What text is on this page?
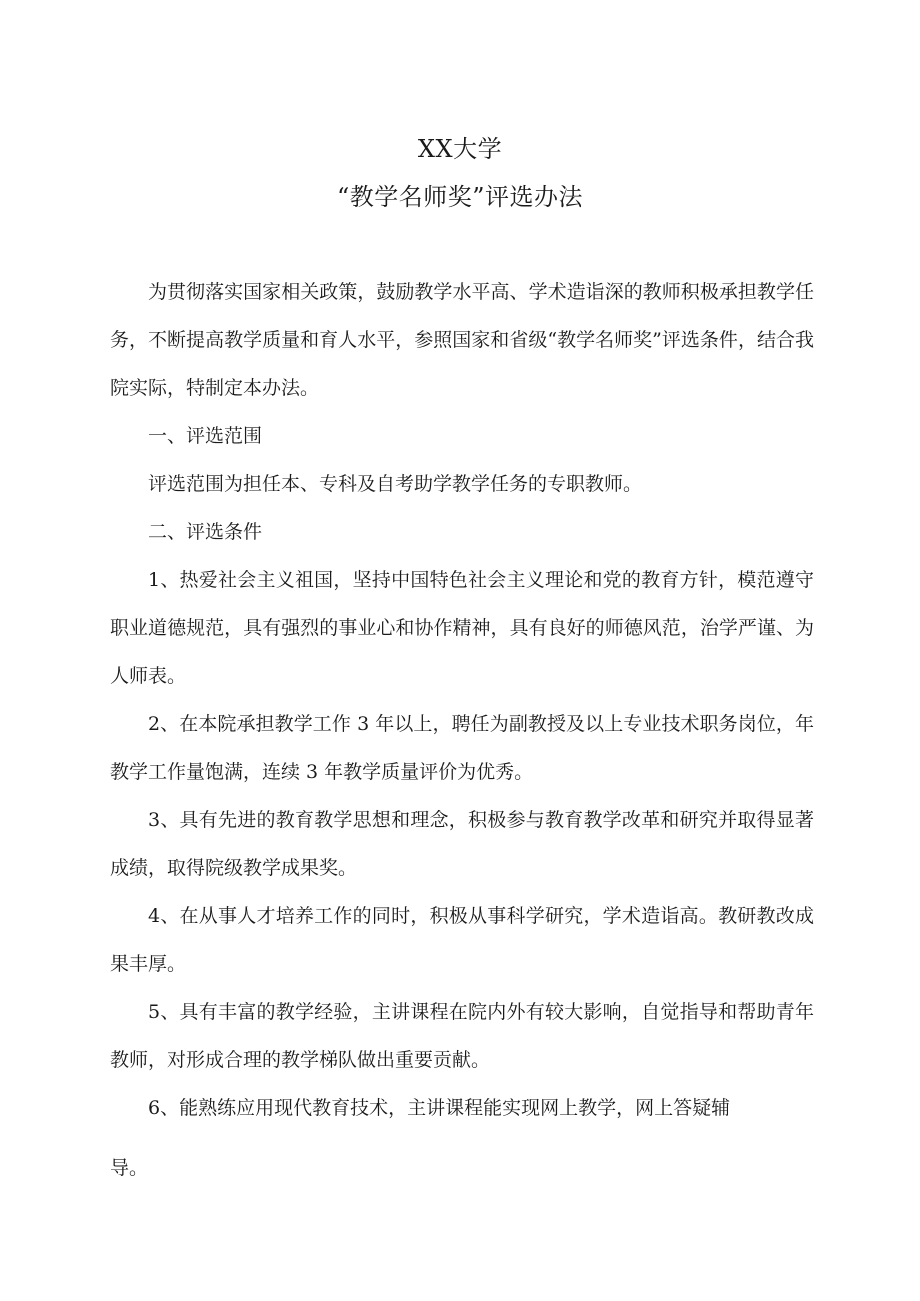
XX大学
“教学名师奖”评选办法

为贯彻落实国家相关政策，鼓励教学水平高、学术造诣深的教师积极承担教学任务，不断提高教学质量和育人水平，参照国家和省级“教学名师奖”评选条件，结合我院实际，特制定本办法。

一、评选范围

评选范围为担任本、专科及自考助学教学任务的专职教师。

二、评选条件

1、热爱社会主义祖国，坚持中国特色社会主义理论和党的教育方针，模范遵守职业道德规范，具有强烈的事业心和协作精神，具有良好的师德风范，治学严谨、为人师表。

2、在本院承担教学工作 3 年以上，聘任为副教授及以上专业技术职务岗位，年教学工作量饱满，连续 3 年教学质量评价为优秀。

3、具有先进的教育教学思想和理念，积极参与教育教学改革和研究并取得显著成绩，取得院级教学成果奖。

4、在从事人才培养工作的同时，积极从事科学研究，学术造诣高。教研教改成果丰厚。

5、具有丰富的教学经验，主讲课程在院内外有较大影响，自觉指导和帮助青年教师，对形成合理的教学梯队做出重要贡献。

6、能熟练应用现代教育技术，主讲课程能实现网上教学，网上答疑辅

导。
